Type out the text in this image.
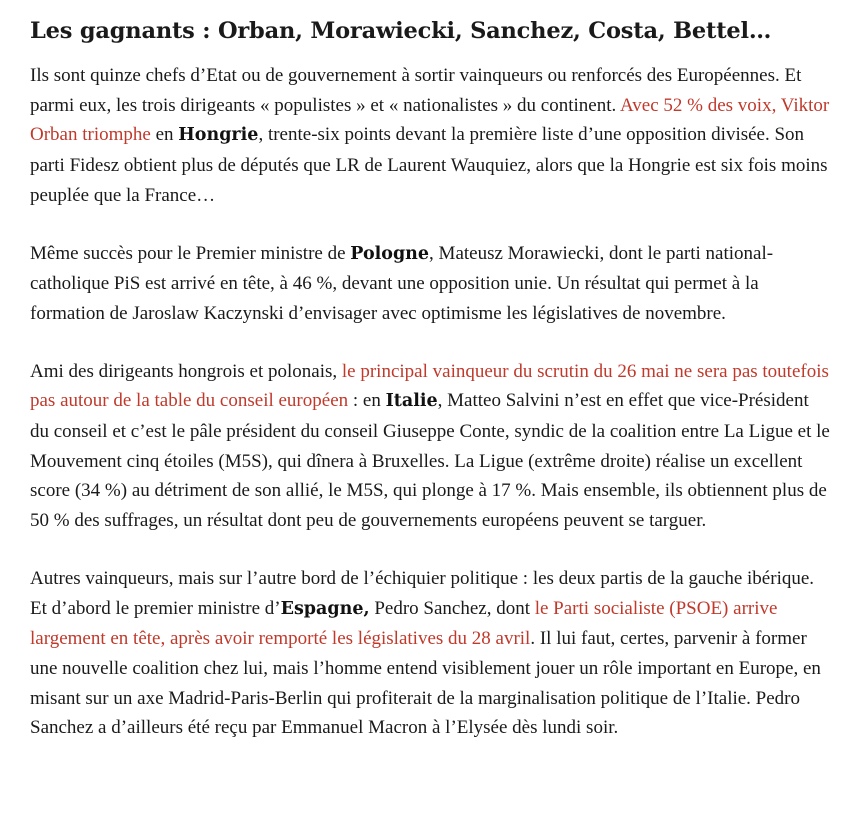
Les gagnants : Orban, Morawiecki, Sanchez, Costa, Bettel…

Ils sont quinze chefs d’Etat ou de gouvernement à sortir vainqueurs ou renforcés des Européennes. Et parmi eux, les trois dirigeants « populistes » et « nationalistes » du continent. Avec 52 % des voix, Viktor Orban triomphe en Hongrie, trente-six points devant la première liste d’une opposition divisée. Son parti Fidesz obtient plus de députés que LR de Laurent Wauquiez, alors que la Hongrie est six fois moins peuplée que la France…

Même succès pour le Premier ministre de Pologne, Mateusz Morawiecki, dont le parti national-catholique PiS est arrivé en tête, à 46 %, devant une opposition unie. Un résultat qui permet à la formation de Jaroslaw Kaczynski d’envisager avec optimisme les législatives de novembre.

Ami des dirigeants hongrois et polonais, le principal vainqueur du scrutin du 26 mai ne sera pas toutefois pas autour de la table du conseil européen : en Italie, Matteo Salvini n’est en effet que vice-Président du conseil et c’est le pâle président du conseil Giuseppe Conte, syndic de la coalition entre La Ligue et le Mouvement cinq étoiles (M5S), qui dînera à Bruxelles. La Ligue (extrême droite) réalise un excellent score (34 %) au détriment de son allié, le M5S, qui plonge à 17 %. Mais ensemble, ils obtiennent plus de 50 % des suffrages, un résultat dont peu de gouvernements européens peuvent se targuer.

Autres vainqueurs, mais sur l’autre bord de l’échiquier politique : les deux partis de la gauche ibérique. Et d’abord le premier ministre d’Espagne, Pedro Sanchez, dont le Parti socialiste (PSOE) arrive largement en tête, après avoir remporté les législatives du 28 avril. Il lui faut, certes, parvenir à former une nouvelle coalition chez lui, mais l’homme entend visiblement jouer un rôle important en Europe, en misant sur un axe Madrid-Paris-Berlin qui profiterait de la marginalisation politique de l’Italie. Pedro Sanchez a d’ailleurs été reçu par Emmanuel Macron à l’Elysée dès lundi soir.
